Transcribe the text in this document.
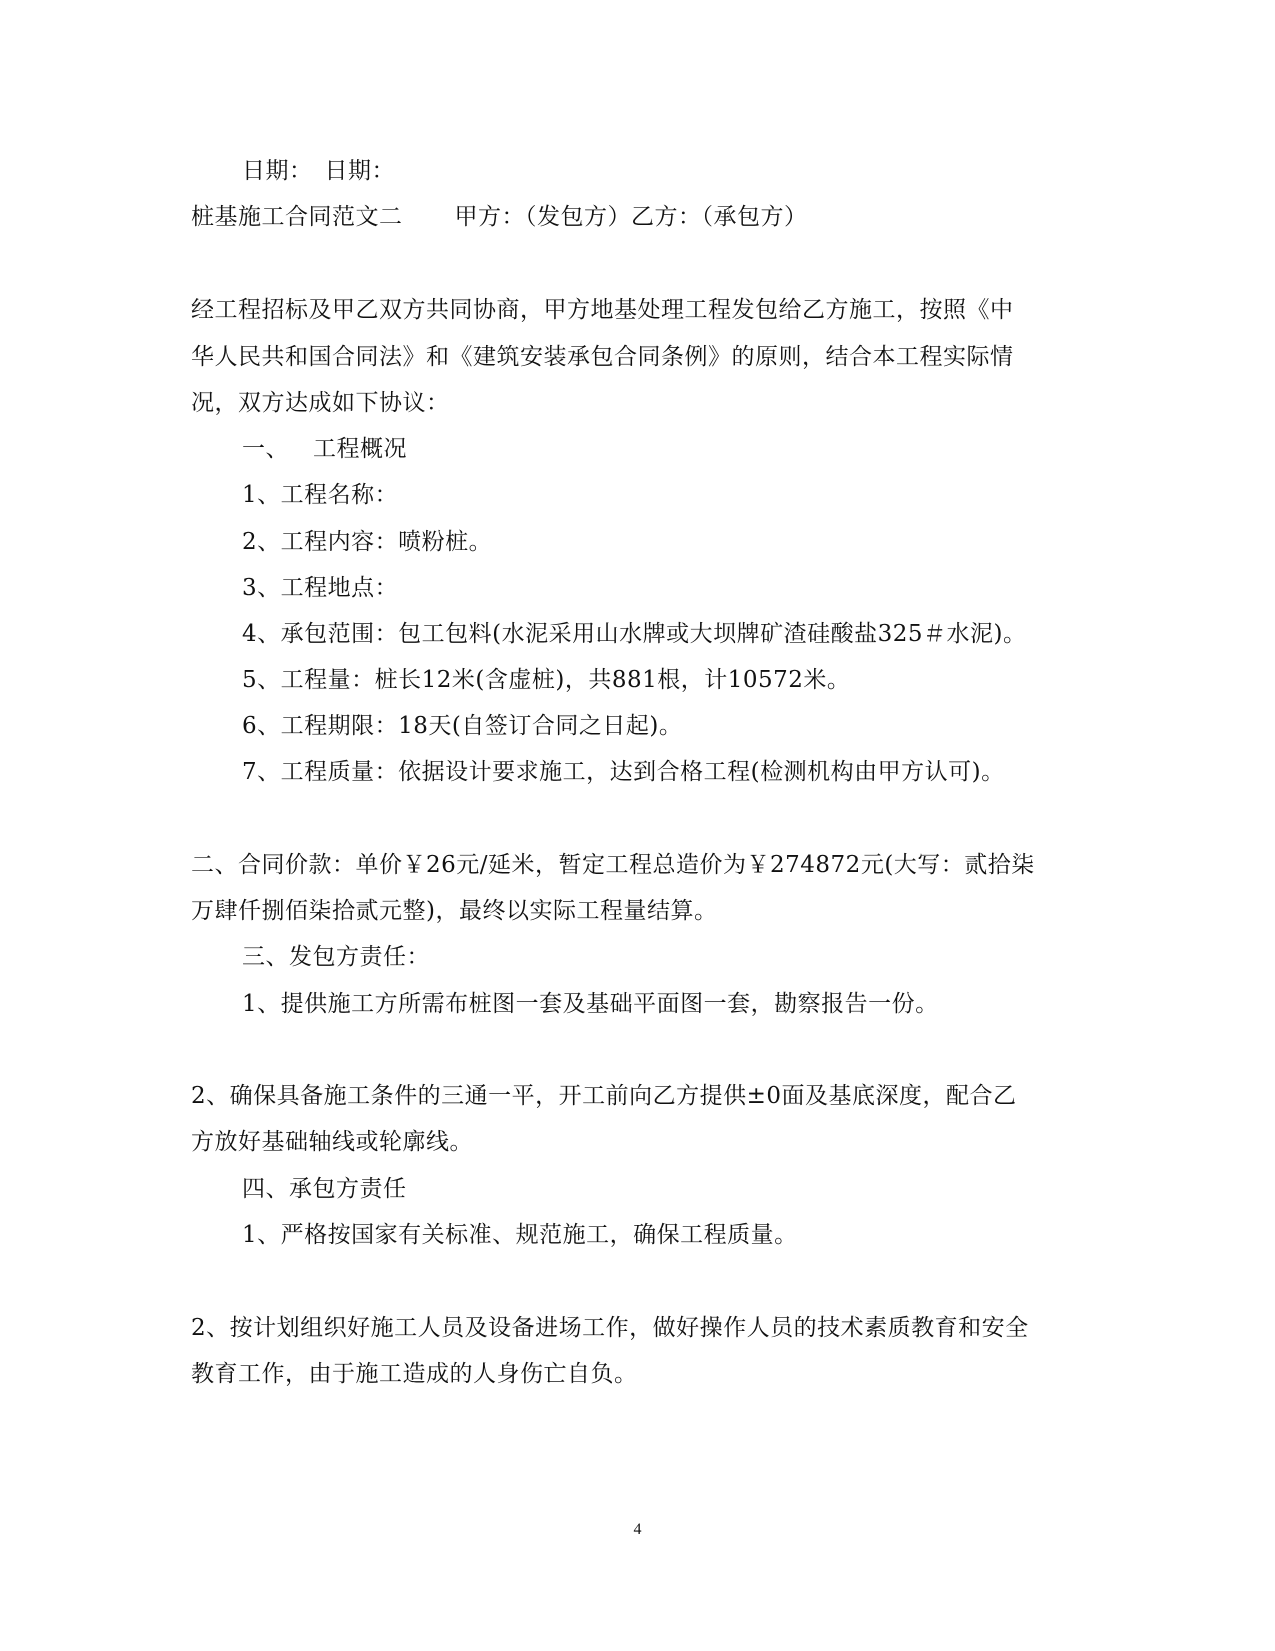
日期：　日期：
桩基施工合同范文二 甲方：（发包方）乙方：（承包方）
经工程招标及甲乙双方共同协商，甲方地基处理工程发包给乙方施工，按照《中
华人民共和国合同法》和《建筑安装承包合同条例》的原则，结合本工程实际情
况，双方达成如下协议：
一、 工程概况
1、工程名称：
2、工程内容：喷粉桩。
3、工程地点：
4、承包范围：包工包料(水泥采用山水牌或大坝牌矿渣硅酸盐325＃水泥)。
5、工程量：桩长12米(含虚桩)，共881根，计10572米。
6、工程期限：18天(自签订合同之日起)。
7、工程质量：依据设计要求施工，达到合格工程(检测机构由甲方认可)。
二、合同价款：单价￥26元/延米，暂定工程总造价为￥274872元(大写：贰拾柒
万肆仟捌佰柒拾贰元整)，最终以实际工程量结算。
三、发包方责任：
1、提供施工方所需布桩图一套及基础平面图一套，勘察报告一份。
2、确保具备施工条件的三通一平，开工前向乙方提供±0面及基底深度，配合乙
方放好基础轴线或轮廓线。
四、承包方责任
1、严格按国家有关标准、规范施工，确保工程质量。
2、按计划组织好施工人员及设备进场工作，做好操作人员的技术素质教育和安全
教育工作，由于施工造成的人身伤亡自负。
4
